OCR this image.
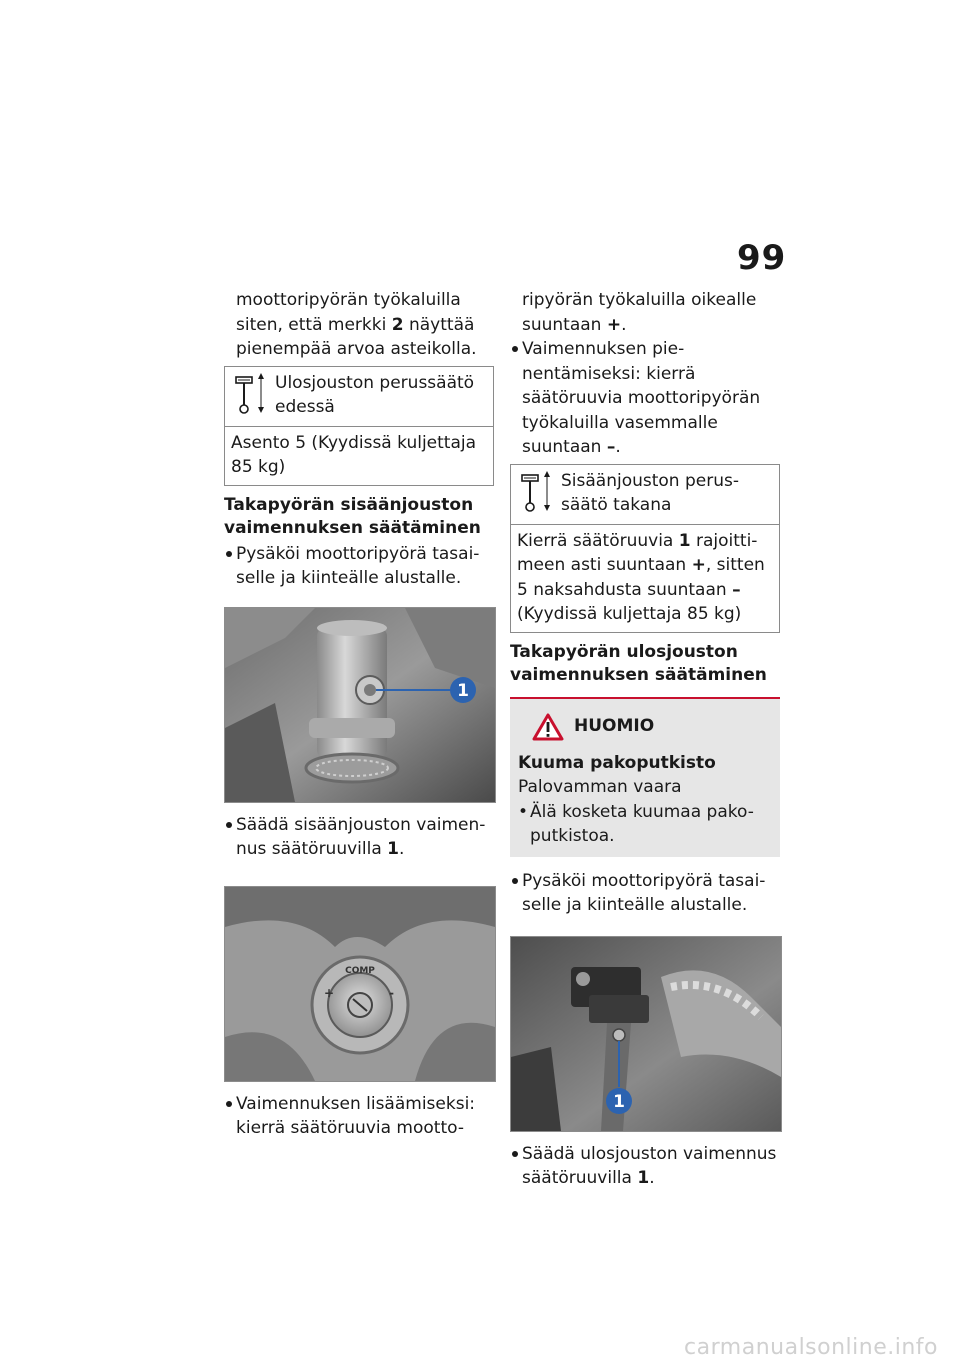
99

moottoripyörän työkaluilla
siten, että merkki 2 näyttää
pienempää arvoa asteikolla.

Ulosjouston perussäätö
edessä
Asento 5 (Kyydissä kuljettaja
85 kg)
Takapyörän sisäänjouston
vaimennuksen säätäminen

Pysäköi moottoripyörä tasai-
selle ja kiinteälle alustalle.

1

Säädä sisäänjouston vaimen-
nus säätöruuvilla 1.

COMP
+	-

Vaimennuksen lisäämiseksi:
kierrä säätöruuvia mootto-

ripyörän työkaluilla oikealle
suuntaan +.

Vaimennuksen pie-
nentämiseksi: kierrä
säätöruuvia moottoripyörän
työkaluilla vasemmalle
suuntaan –.

Sisäänjouston perus-
säätö takana
Kierrä säätöruuvia 1 rajoitti-
meen asti suuntaan +, sitten
5 naksahdusta suuntaan –
(Kyydissä kuljettaja 85 kg)
Takapyörän ulosjouston
vaimennuksen säätäminen
HUOMIO
Kuuma pakoputkisto
Palovamman vaara
• Älä kosketa kuumaa pako-
putkistoa.

Pysäköi moottoripyörä tasai-
selle ja kiinteälle alustalle.

1

Säädä ulosjouston vaimennus
säätöruuvilla 1.

carmanualsonline.info
